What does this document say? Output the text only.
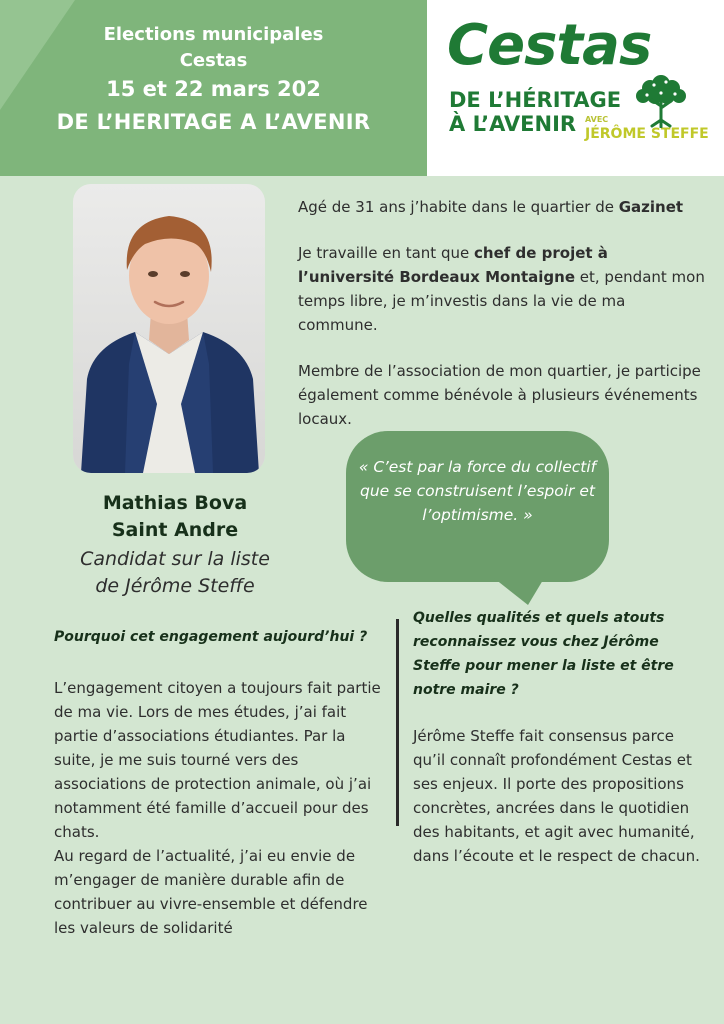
Elections municipales
Cestas
15 et 22 mars 202
DE L’HERITAGE A L’AVENIR
Cestas
DE L’HÉRITAGE
À L’AVENIR AVEC
JÉRÔME STEFFE
Mathias Bova
Saint Andre
Candidat sur la liste
de Jérôme Steffe

Agé de 31 ans j’habite dans le quartier de Gazinet

Je travaille en tant que chef de projet à l’université Bordeaux Montaigne et, pendant mon temps libre, je m’investis dans la vie de ma commune.

Membre de l’association de mon quartier, je participe également comme bénévole à plusieurs événements locaux.

« C’est par la force du collectif que se construisent l’espoir et l’optimisme. »
Pourquoi cet engagement aujourd’hui ?

L’engagement citoyen a toujours fait partie de ma vie. Lors de mes études, j’ai fait partie d’associations étudiantes. Par la suite, je me suis tourné vers des associations de protection animale, où j’ai notamment été famille d’accueil pour des chats.

Au regard de l’actualité, j’ai eu envie de m’engager de manière durable afin de contribuer au vivre-ensemble et défendre les valeurs de solidarité

Quelles qualités et quels atouts reconnaissez vous chez Jérôme Steffe pour mener la liste et être notre maire ?
Jérôme Steffe fait consensus parce qu’il connaît profondément Cestas et ses enjeux. Il porte des propositions concrètes, ancrées dans le quotidien des habitants, et agit avec humanité, dans l’écoute et le respect de chacun.
